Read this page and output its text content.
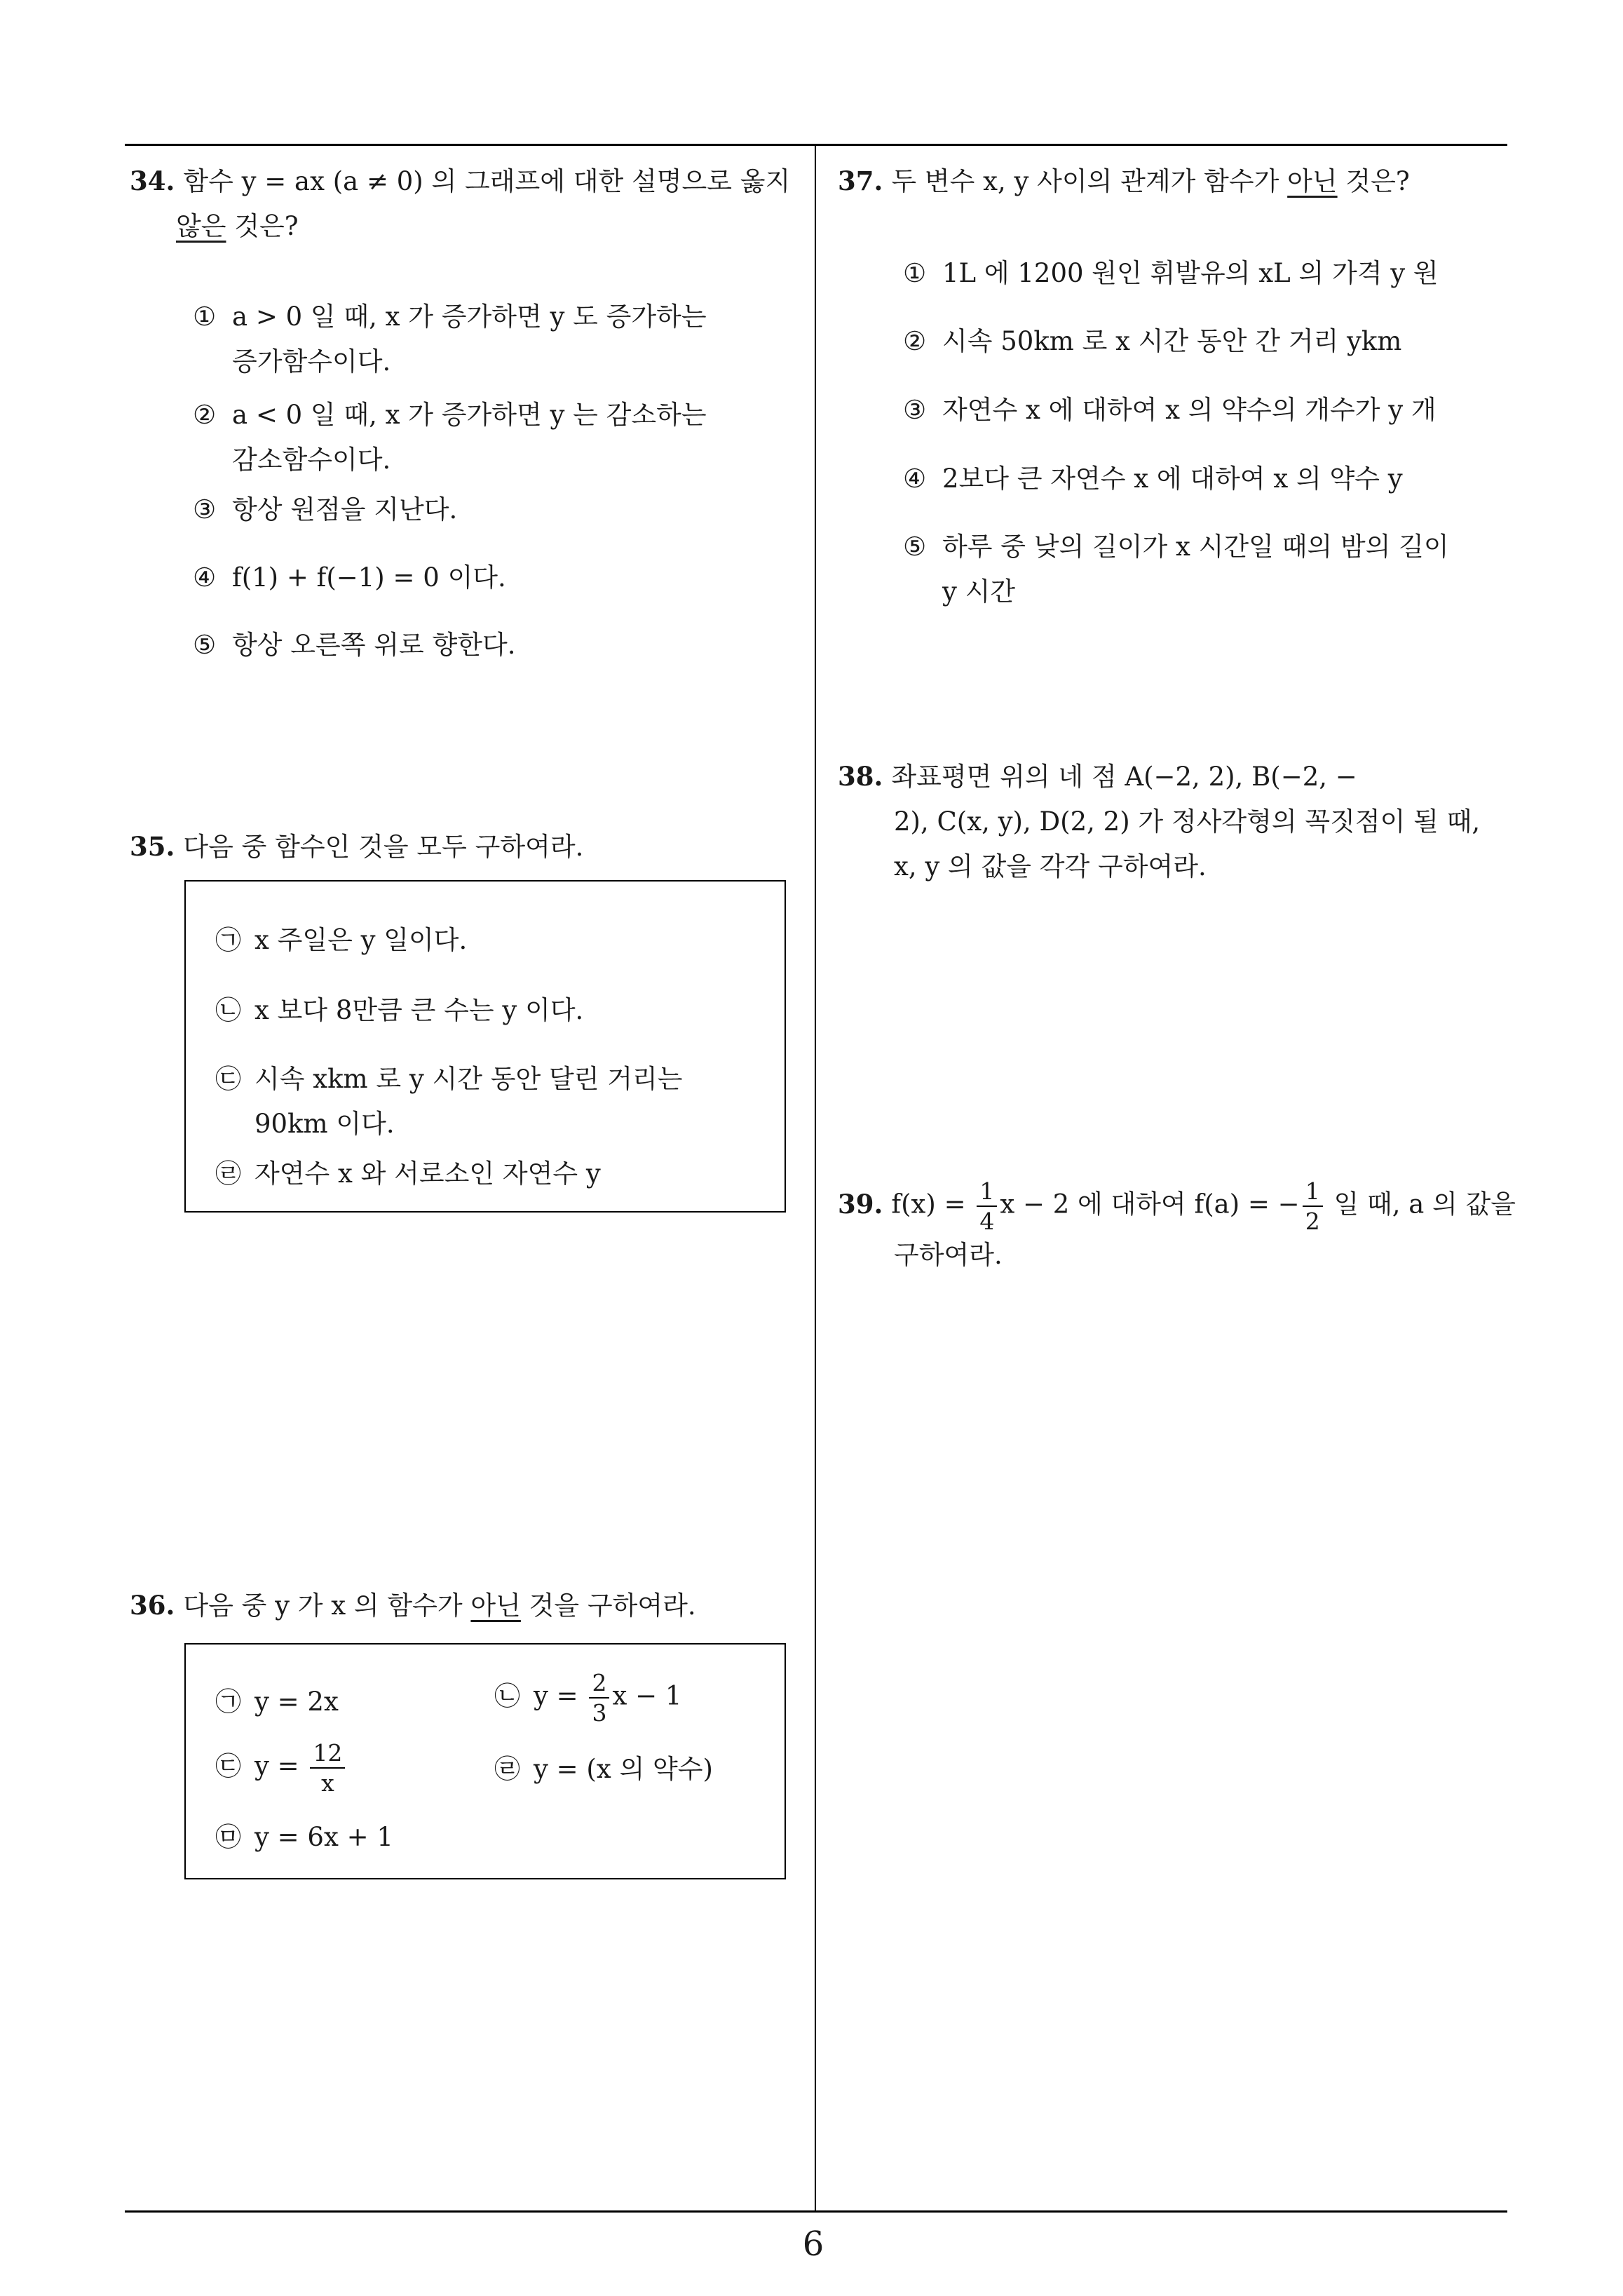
34. 함수 y = ax (a ≠ 0) 의 그래프에 대한 설명으로 옳지
않은 것은?
① a > 0 일 때, x 가 증가하면 y 도 증가하는
증가함수이다.
② a < 0 일 때, x 가 증가하면 y 는 감소하는
감소함수이다.
③ 항상 원점을 지난다.
④ f(1) + f(−1) = 0 이다.
⑤ 항상 오른쪽 위로 향한다.
35. 다음 중 함수인 것을 모두 구하여라.
㉠ x 주일은 y 일이다.
㉡ x 보다 8만큼 큰 수는 y 이다.
㉢ 시속 xkm 로 y 시간 동안 달린 거리는
90km 이다.
㉣ 자연수 x 와 서로소인 자연수 y
36. 다음 중 y 가 x 의 함수가 아닌 것을 구하여라.
㉠ y = 2x	㉡ $y = \frac{2}{3}$ x − 1
㉢ $y = \frac{12}{x}$	㉣ y = (x 의 약수)
㉤ y = 6x + 1
37. 두 변수 x, y 사이의 관계가 함수가 아닌 것은?
① 1L 에 1200 원인 휘발유의 xL 의 가격 y 원
② 시속 50km 로 x 시간 동안 간 거리 ykm
③ 자연수 x 에 대하여 x 의 약수의 개수가 y 개
④ 2보다 큰 자연수 x 에 대하여 x 의 약수 y
⑤ 하루 중 낮의 길이가 x 시간일 때의 밤의 길이
y 시간
38. 좌표평면 위의 네 점 A(−2, 2), B(−2, −
2), C(x, y), D(2, 2) 가 정사각형의 꼭짓점이 될 때,
x, y 의 값을 각각 구하여라.
39. $f(x) = \frac{1}{4}$ x − 2 에 대하여 f(a) = − $\frac{1}{2}$ 일 때, a 의 값을
구하여라.
6
